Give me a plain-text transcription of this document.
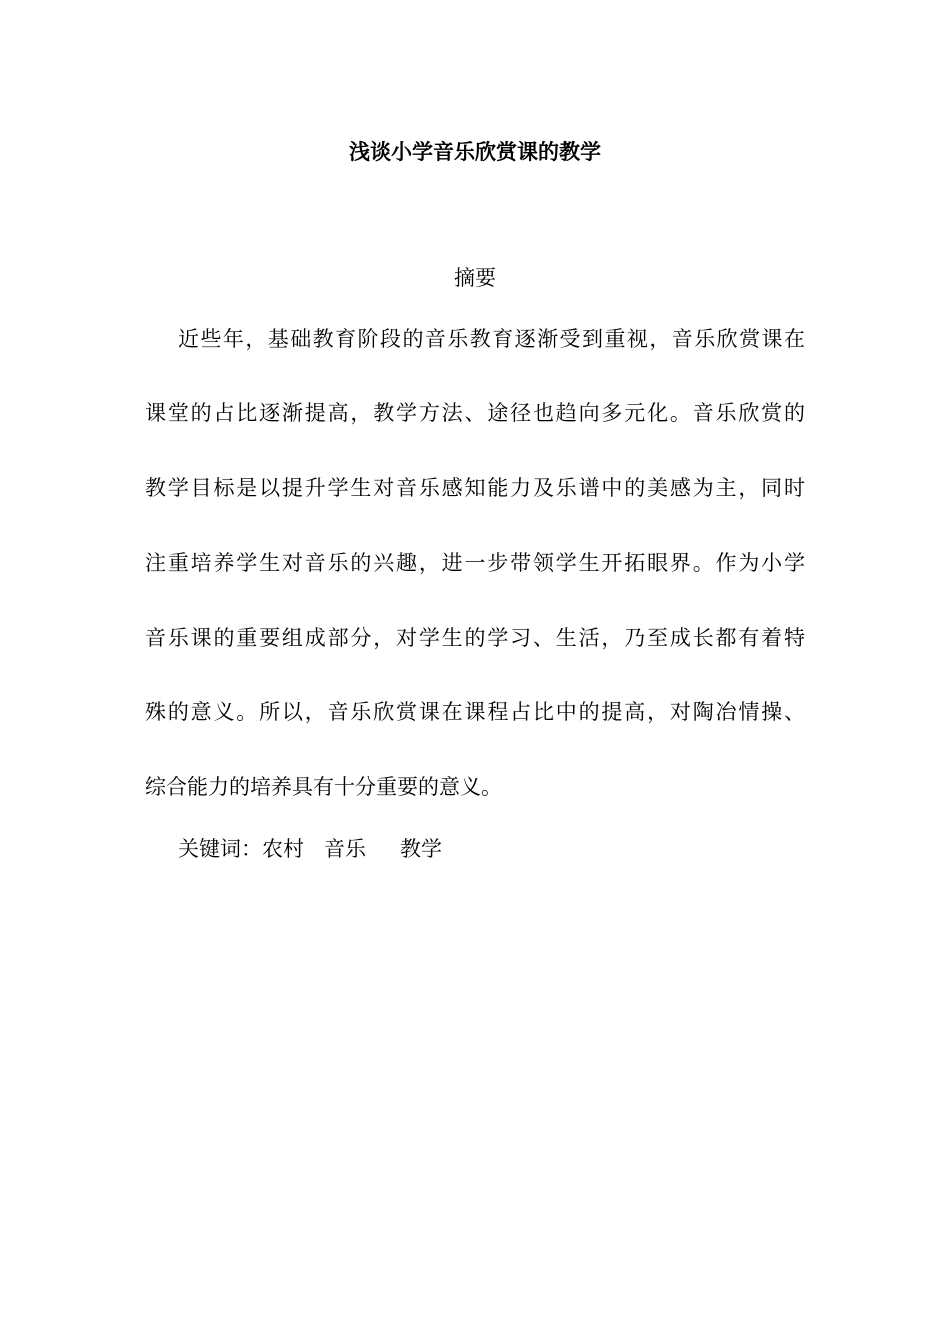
浅谈小学音乐欣赏课的教学
摘要
近些年，基础教育阶段的音乐教育逐渐受到重视，音乐欣赏课在
课堂的占比逐渐提高，教学方法、途径也趋向多元化。音乐欣赏的
教学目标是以提升学生对音乐感知能力及乐谱中的美感为主，同时
注重培养学生对音乐的兴趣，进一步带领学生开拓眼界。作为小学
音乐课的重要组成部分，对学生的学习、生活，乃至成长都有着特
殊的意义。所以，音乐欣赏课在课程占比中的提高，对陶冶情操、
综合能力的培养具有十分重要的意义。
关键词：农村 音乐 教学
